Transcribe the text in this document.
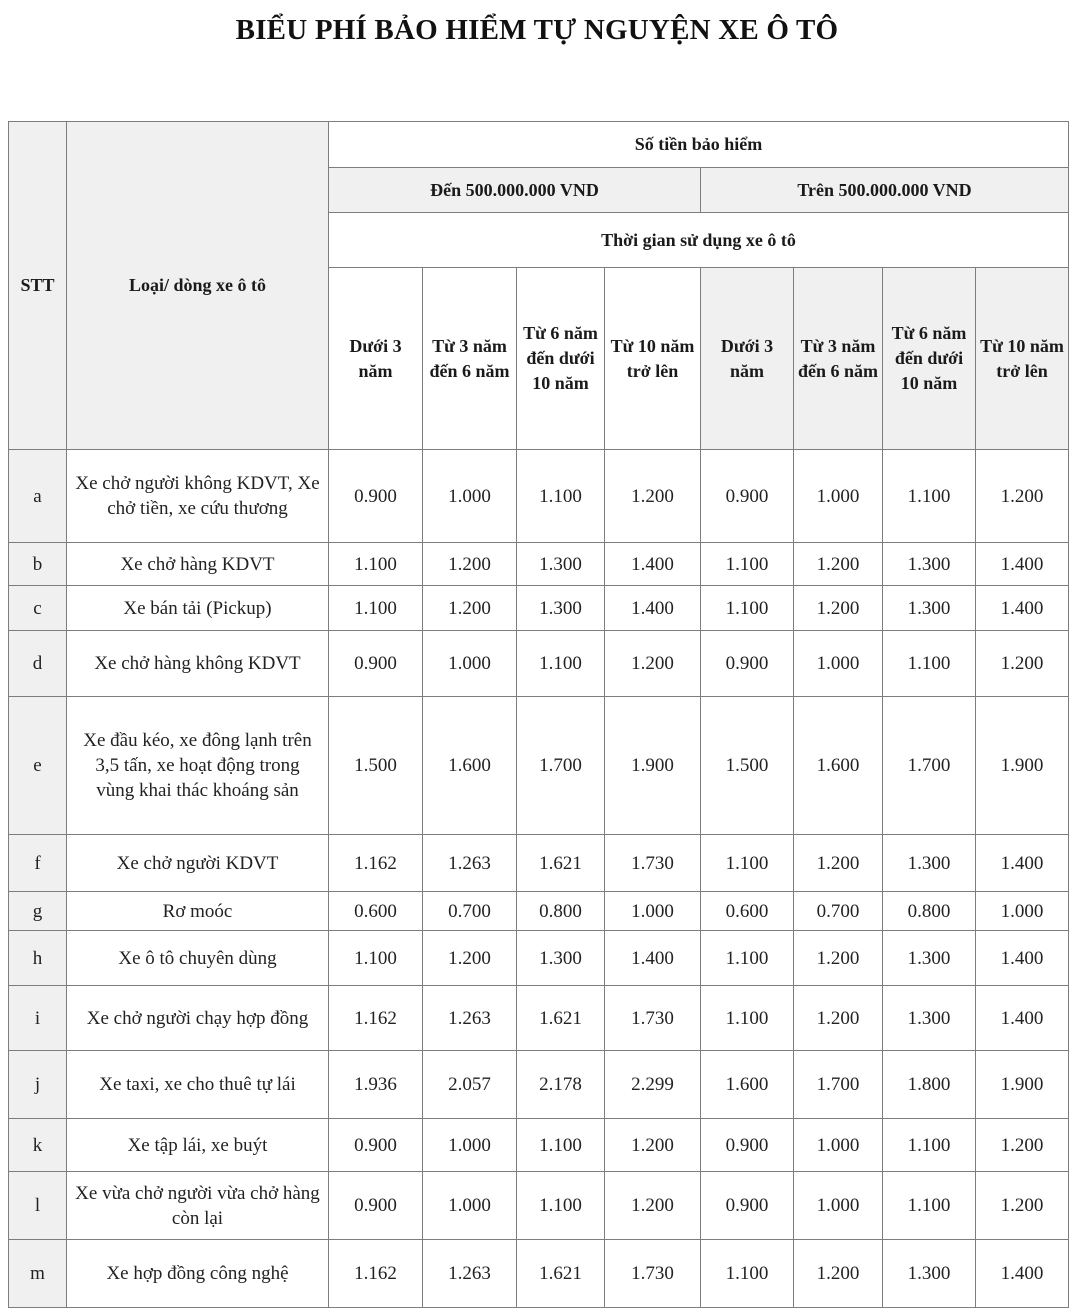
BIỂU PHÍ BẢO HIỂM TỰ NGUYỆN XE Ô TÔ
STT	Loại/ dòng xe ô tô	Số tiền bảo hiểm							
		Đến 500.000.000 VND				Trên 500.000.000 VND			
		Thời gian sử dụng xe ô tô							
		Dưới 3 năm	Từ 3 năm đến 6 năm	Từ 6 năm đến dưới 10 năm	Từ 10 năm trở lên	Dưới 3 năm	Từ 3 năm đến 6 năm	Từ 6 năm đến dưới 10 năm	Từ 10 năm trở lên
a	Xe chở người không KDVT, Xe chở tiền, xe cứu thương	0.900	1.000	1.100	1.200	0.900	1.000	1.100	1.200
b	Xe chở hàng KDVT	1.100	1.200	1.300	1.400	1.100	1.200	1.300	1.400
c	Xe bán tải (Pickup)	1.100	1.200	1.300	1.400	1.100	1.200	1.300	1.400
d	Xe chở hàng không KDVT	0.900	1.000	1.100	1.200	0.900	1.000	1.100	1.200
e	Xe đầu kéo, xe đông lạnh trên 3,5 tấn, xe hoạt động trong vùng khai thác khoáng sản	1.500	1.600	1.700	1.900	1.500	1.600	1.700	1.900
f	Xe chở người KDVT	1.162	1.263	1.621	1.730	1.100	1.200	1.300	1.400
g	Rơ moóc	0.600	0.700	0.800	1.000	0.600	0.700	0.800	1.000
h	Xe ô tô chuyên dùng	1.100	1.200	1.300	1.400	1.100	1.200	1.300	1.400
i	Xe chở người chạy hợp đồng	1.162	1.263	1.621	1.730	1.100	1.200	1.300	1.400
j	Xe taxi, xe cho thuê tự lái	1.936	2.057	2.178	2.299	1.600	1.700	1.800	1.900
k	Xe tập lái, xe buýt	0.900	1.000	1.100	1.200	0.900	1.000	1.100	1.200
l	Xe vừa chở người vừa chở hàng còn lại	0.900	1.000	1.100	1.200	0.900	1.000	1.100	1.200
m	Xe hợp đồng công nghệ	1.162	1.263	1.621	1.730	1.100	1.200	1.300	1.400
